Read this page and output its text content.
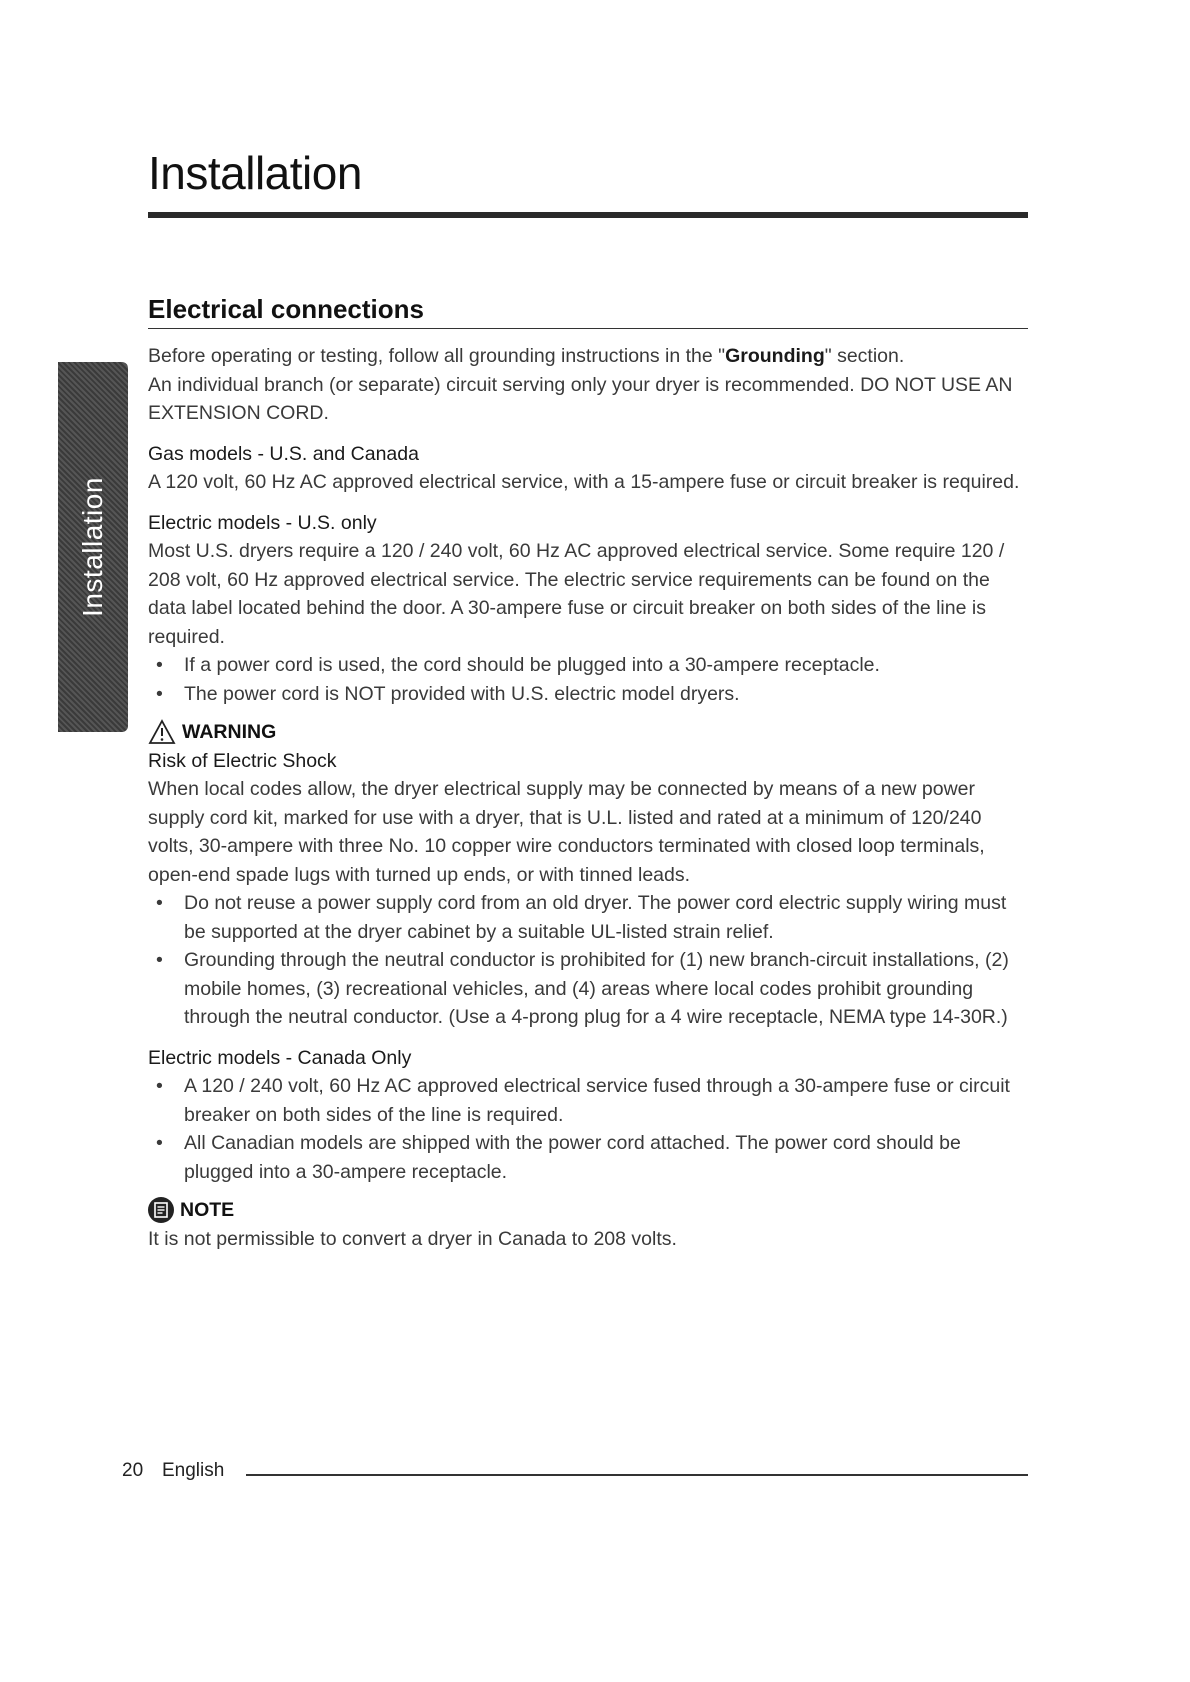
Installation
Installation
Electrical connections

Before operating or testing, follow all grounding instructions in the "Grounding" section.

An individual branch (or separate) circuit serving only your dryer is recommended. DO NOT USE AN EXTENSION CORD.

Gas models - U.S. and Canada

A 120 volt, 60 Hz AC approved electrical service, with a 15-ampere fuse or circuit breaker is required.

Electric models - U.S. only

Most U.S. dryers require a 120 / 240 volt, 60 Hz AC approved electrical service. Some require 120 / 208 volt, 60 Hz approved electrical service. The electric service requirements can be found on the data label located behind the door. A 30-ampere fuse or circuit breaker on both sides of the line is required.

• If a power cord is used, the cord should be plugged into a 30-ampere receptacle.
• The power cord is NOT provided with U.S. electric model dryers.
WARNING

Risk of Electric Shock

When local codes allow, the dryer electrical supply may be connected by means of a new power supply cord kit, marked for use with a dryer, that is U.L. listed and rated at a minimum of 120/240 volts, 30-ampere with three No. 10 copper wire conductors terminated with closed loop terminals, open-end spade lugs with turned up ends, or with tinned leads.

• Do not reuse a power supply cord from an old dryer. The power cord electric supply wiring must be supported at the dryer cabinet by a suitable UL-listed strain relief.
• Grounding through the neutral conductor is prohibited for (1) new branch-circuit installations, (2) mobile homes, (3) recreational vehicles, and (4) areas where local codes prohibit grounding through the neutral conductor. (Use a 4-prong plug for a 4 wire receptacle, NEMA type 14-30R.)

Electric models - Canada Only

• A 120 / 240 volt, 60 Hz AC approved electrical service fused through a 30-ampere fuse or circuit breaker on both sides of the line is required.
• All Canadian models are shipped with the power cord attached. The power cord should be plugged into a 30-ampere receptacle.
NOTE

It is not permissible to convert a dryer in Canada to 208 volts.

20 English
